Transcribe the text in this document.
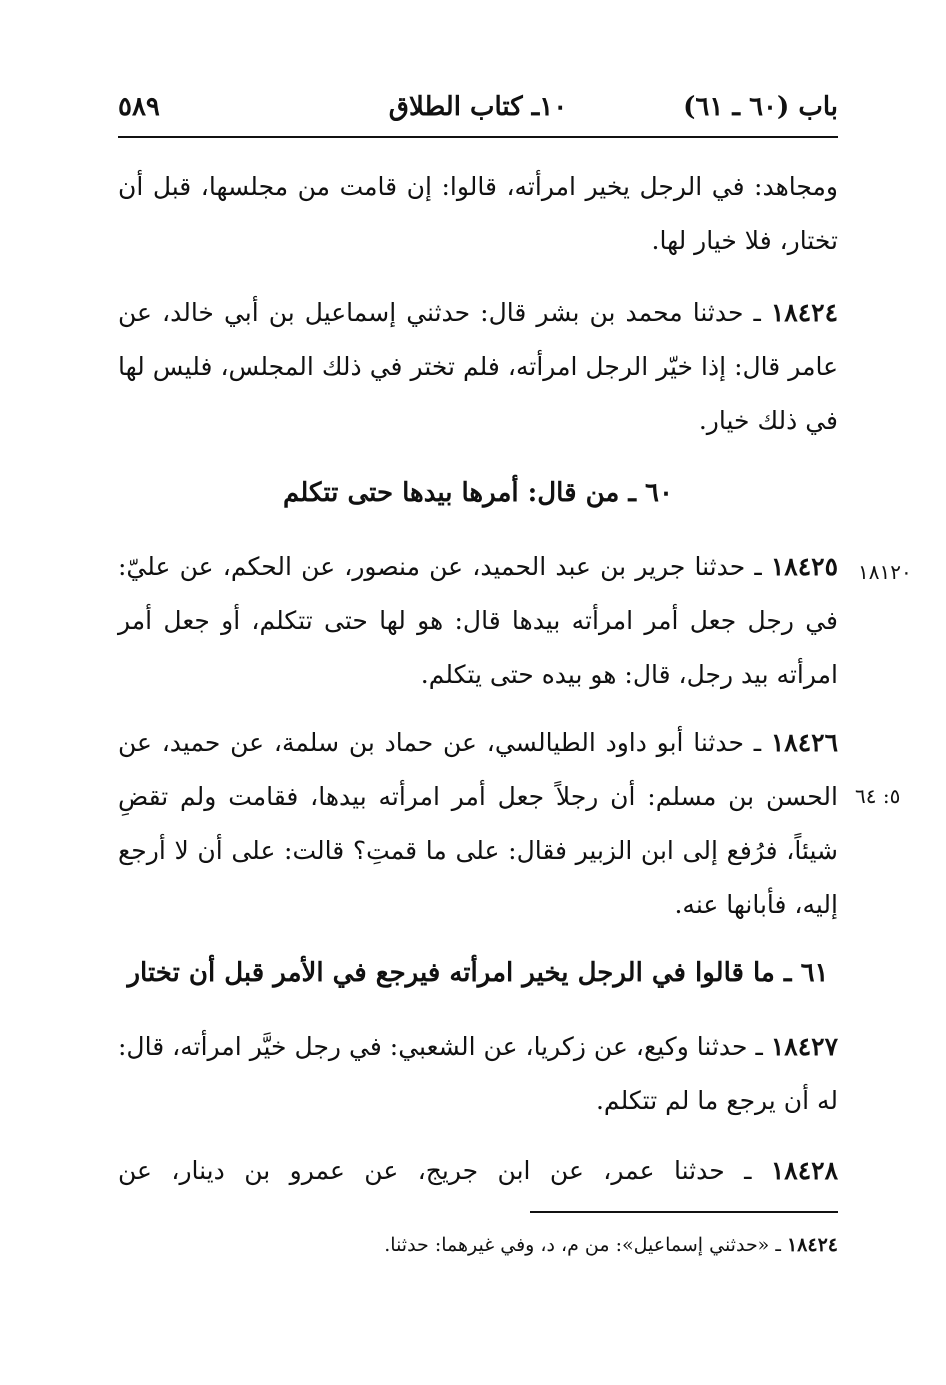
٥٨٩	١٠ـ كتاب الطلاق	باب (٦٠ ـ ٦١)
ومجاهد: في الرجل يخير امرأته، قالوا: إن قامت من مجلسها، قبل أن تختار، فلا خيار لها.
١٨٤٢٤ ـ حدثنا محمد بن بشر قال: حدثني إسماعيل بن أبي خالد، عن عامر قال: إذا خيّر الرجل امرأته، فلم تختر في ذلك المجلس، فليس لها في ذلك خيار.
٦٠ ـ من قال: أمرها بيدها حتى تتكلم
١٨١٢٠
١٨٤٢٥ ـ حدثنا جرير بن عبد الحميد، عن منصور، عن الحكم، عن عليّ: في رجل جعل أمر امرأته بيدها قال: هو لها حتى تتكلم، أو جعل أمر امرأته بيد رجل، قال: هو بيده حتى يتكلم.
٥: ٦٤
١٨٤٢٦ ـ حدثنا أبو داود الطيالسي، عن حماد بن سلمة، عن حميد، عن الحسن بن مسلم: أن رجلاً جعل أمر امرأته بيدها، فقامت ولم تقضِ شيئاً، فرُفع إلى ابن الزبير فقال: على ما قمتِ؟ قالت: على أن لا أرجع إليه، فأبانها عنه.
٦١ ـ ما قالوا في الرجل يخير امرأته فيرجع في الأمر قبل أن تختار
١٨٤٢٧ ـ حدثنا وكيع، عن زكريا، عن الشعبي: في رجل خيَّر امرأته، قال: له أن يرجع ما لم تتكلم.
١٨٤٢٨ ـ حدثنا عمر، عن ابن جريج، عن عمرو بن دينار، عن
١٨٤٢٤ ـ «حدثني إسماعيل»: من م، د، وفي غيرهما: حدثنا.
